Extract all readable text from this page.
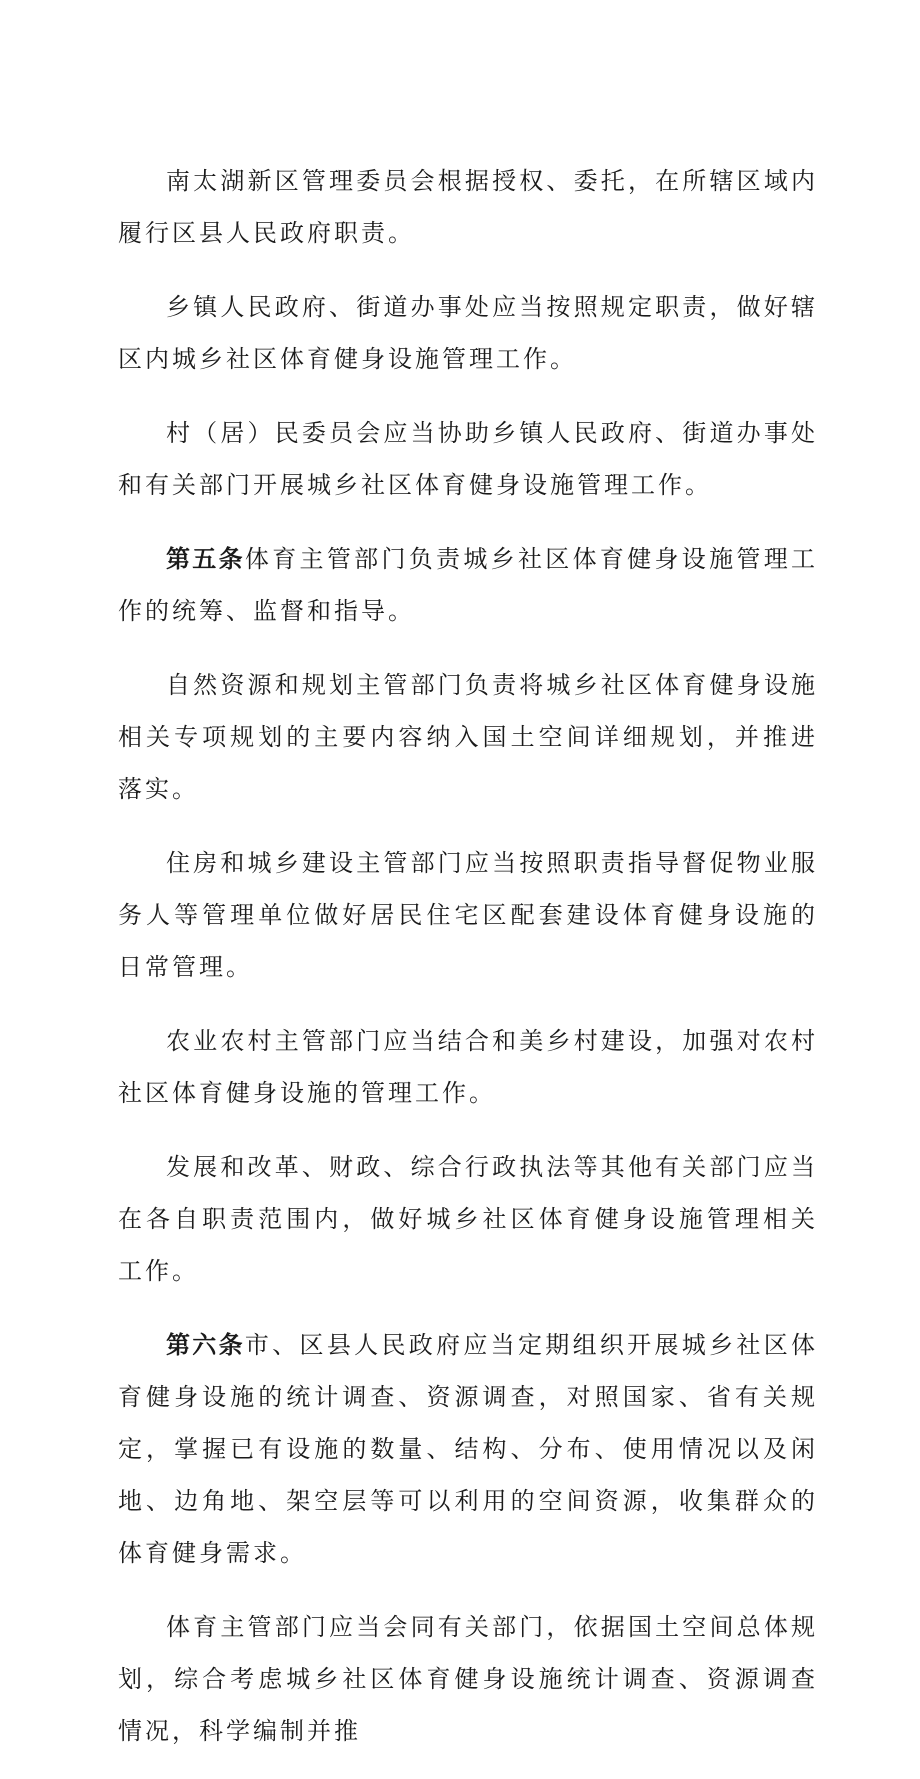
南太湖新区管理委员会根据授权、委托，在所辖区域内履行区县人民政府职责。

乡镇人民政府、街道办事处应当按照规定职责，做好辖区内城乡社区体育健身设施管理工作。

村（居）民委员会应当协助乡镇人民政府、街道办事处和有关部门开展城乡社区体育健身设施管理工作。

第五条体育主管部门负责城乡社区体育健身设施管理工作的统筹、监督和指导。

自然资源和规划主管部门负责将城乡社区体育健身设施相关专项规划的主要内容纳入国土空间详细规划，并推进落实。

住房和城乡建设主管部门应当按照职责指导督促物业服务人等管理单位做好居民住宅区配套建设体育健身设施的日常管理。

农业农村主管部门应当结合和美乡村建设，加强对农村社区体育健身设施的管理工作。

发展和改革、财政、综合行政执法等其他有关部门应当在各自职责范围内，做好城乡社区体育健身设施管理相关工作。

第六条市、区县人民政府应当定期组织开展城乡社区体育健身设施的统计调查、资源调查，对照国家、省有关规定，掌握已有设施的数量、结构、分布、使用情况以及闲地、边角地、架空层等可以利用的空间资源，收集群众的体育健身需求。

体育主管部门应当会同有关部门，依据国土空间总体规划，综合考虑城乡社区体育健身设施统计调查、资源调查情况，科学编制并推
